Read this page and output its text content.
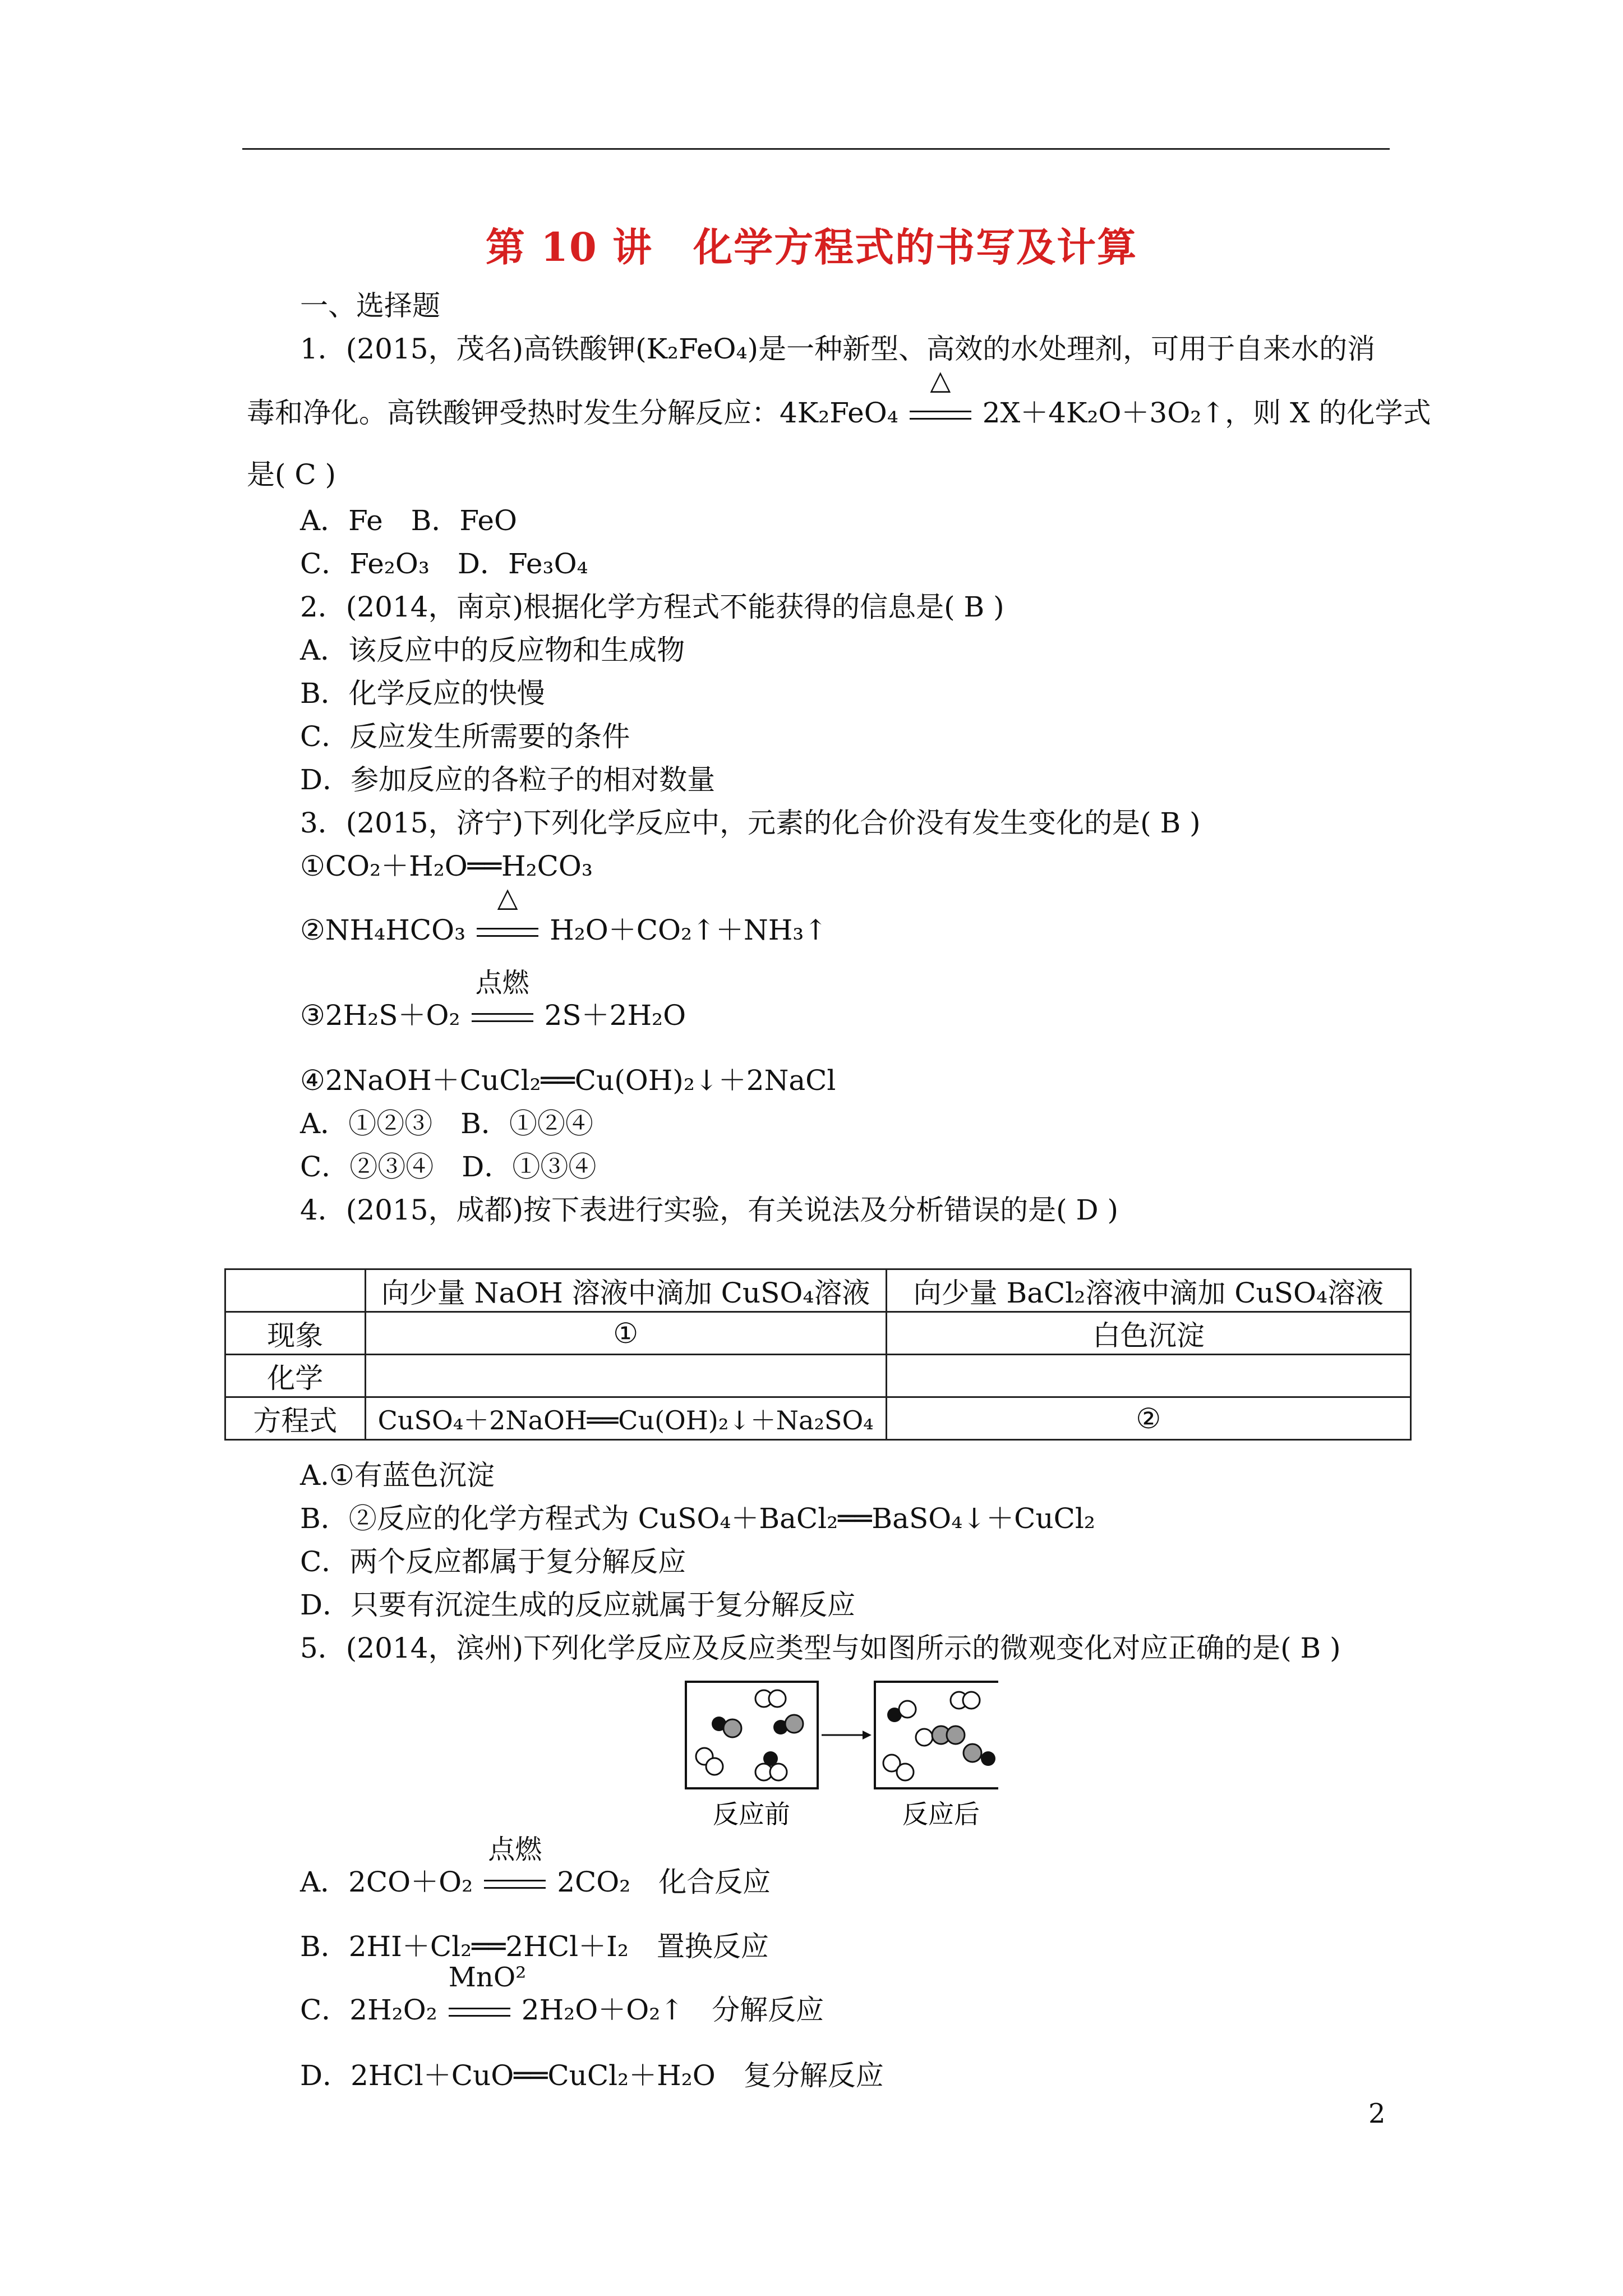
第 10 讲　化学方程式的书写及计算
一、选择题
1．(2015，茂名)高铁酸钾(K₂FeO₄)是一种新型、高效的水处理剂，可用于自来水的消
毒和净化。高铁酸钾受热时发生分解反应：4K₂FeO₄
△
2X＋4K₂O＋3O₂↑，则 X 的化学式
是( C )
A．Fe　B．FeO
C．Fe₂O₃　D．Fe₃O₄
2．(2014，南京)根据化学方程式不能获得的信息是( B )
A．该反应中的反应物和生成物
B．化学反应的快慢
C．反应发生所需要的条件
D．参加反应的各粒子的相对数量
3．(2015，济宁)下列化学反应中，元素的化合价没有发生变化的是( B )
①CO₂＋H₂O══H₂CO₃
②NH₄HCO₃
△
H₂O＋CO₂↑＋NH₃↑
③2H₂S＋O₂
点燃
2S＋2H₂O
④2NaOH＋CuCl₂══Cu(OH)₂↓＋2NaCl
A．①②③　B．①②④
C．②③④　D．①③④
4．(2015，成都)按下表进行实验，有关说法及分析错误的是( D )
	向少量 NaOH 溶液中滴加 CuSO₄溶液	向少量 BaCl₂溶液中滴加 CuSO₄溶液
现象	①	白色沉淀
化学		
方程式	CuSO₄＋2NaOH══Cu(OH)₂↓＋Na₂SO₄	②
A.①有蓝色沉淀
B．②反应的化学方程式为 CuSO₄＋BaCl₂══BaSO₄↓＋CuCl₂
C．两个反应都属于复分解反应
D．只要有沉淀生成的反应就属于复分解反应
5．(2014，滨州)下列化学反应及反应类型与如图所示的微观变化对应正确的是( B )
反应前	反应后
A．2CO＋O₂
点燃
2CO₂　化合反应
B．2HI＋Cl₂══2HCl＋I₂　置换反应
C．2H₂O₂
MnO²
2H₂O＋O₂↑　分解反应
D．2HCl＋CuO══CuCl₂＋H₂O　复分解反应
2
